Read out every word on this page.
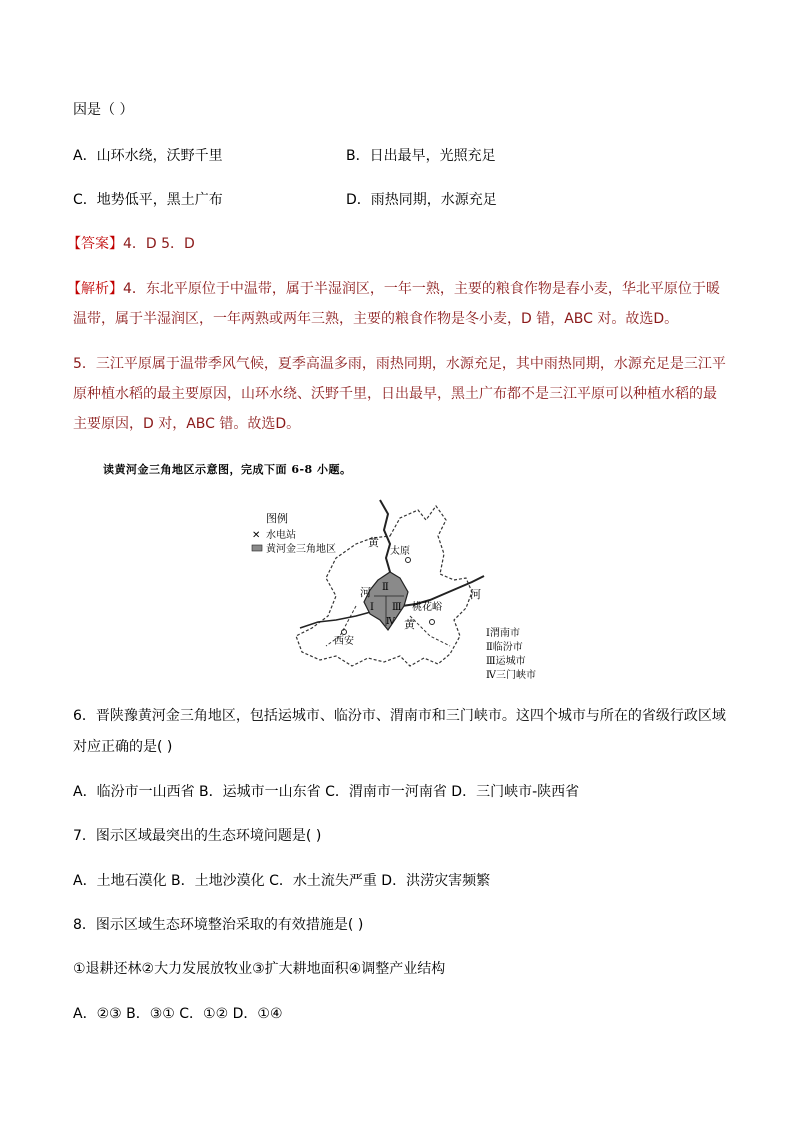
因是（ ）
A．山环水绕，沃野千里	B．日出最早，光照充足
C．地势低平，黑土广布	D．雨热同期，水源充足
【答案】4．D 5．D
【解析】4．东北平原位于中温带，属于半湿润区，一年一熟，主要的粮食作物是春小麦，华北平原位于暖
温带，属于半湿润区，一年两熟或两年三熟，主要的粮食作物是冬小麦，D 错，ABC 对。故选D。
5．三江平原属于温带季风气候，夏季高温多雨，雨热同期，水源充足，其中雨热同期，水源充足是三江平
原种植水稻的最主要原因，山环水绕、沃野千里，日出最早，黑土广布都不是三江平原可以种植水稻的最
主要原因，D 对，ABC 错。故选D。
读黄河金三角地区示意图，完成下面 6-8 小题。
图例
✕ 水电站
黄河金三角地区
黄
河	河
黄
太原
西安
桃花峪
Ⅱ
Ⅰ Ⅲ
Ⅳ
Ⅰ渭南市
Ⅱ临汾市
Ⅲ运城市
Ⅳ三门峡市
6．晋陕豫黄河金三角地区，包括运城市、临汾市、渭南市和三门峡市。这四个城市与所在的省级行政区域
对应正确的是( )
A．临汾市一山西省 B．运城市一山东省 C．渭南市一河南省 D．三门峡市-陕西省
7．图示区域最突出的生态环境问题是( )
A．土地石漠化 B．土地沙漠化 C．水土流失严重 D．洪涝灾害频繁
8．图示区域生态环境整治采取的有效措施是( )
①退耕还林②大力发展放牧业③扩大耕地面积④调整产业结构
A．②③ B．③① C．①② D．①④
